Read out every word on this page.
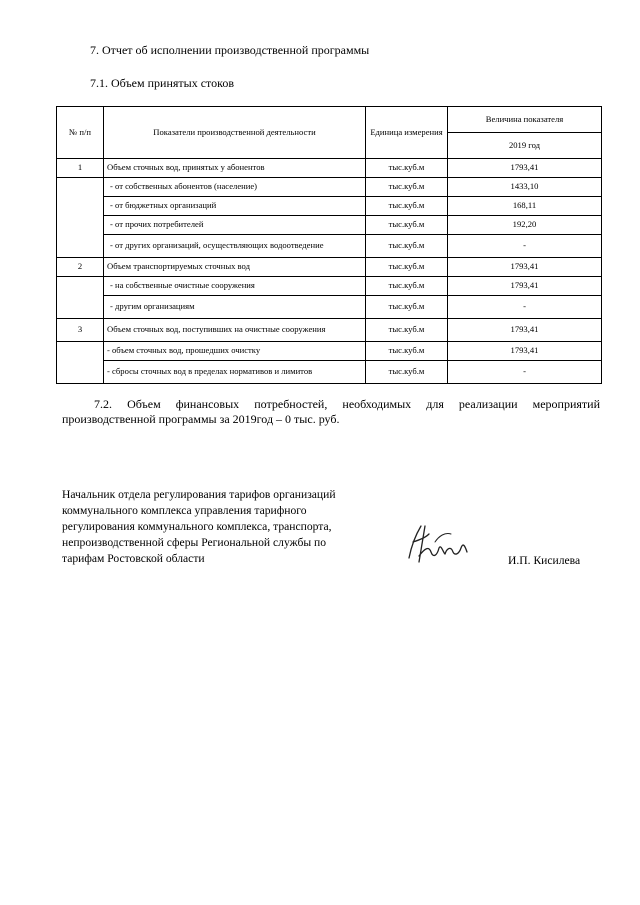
7. Отчет об исполнении производственной программы
7.1. Объем принятых стоков
№ п/п	Показатели производственной деятельности	Единица измерения	Величина показателя
			2019 год
1	Объем сточных вод, принятых у абонентов	тыс.куб.м	1793,41
	- от собственных абонентов (население)	тыс.куб.м	1433,10
	- от бюджетных организаций	тыс.куб.м	168,11
	- от прочих потребителей	тыс.куб.м	192,20
	- от других организаций, осуществляющих водоотведение	тыс.куб.м	-
2	Объем транспортируемых сточных вод	тыс.куб.м	1793,41
	- на собственные очистные сооружения	тыс.куб.м	1793,41
	- другим организациям	тыс.куб.м	-
3	Объем сточных вод, поступивших на очистные сооружения	тыс.куб.м	1793,41
	- объем сточных вод, прошедших очистку	тыс.куб.м	1793,41
	- сбросы сточных вод в пределах нормативов и лимитов	тыс.куб.м	-
7.2. Объем финансовых потребностей, необходимых для реализации мероприятий производственной программы за 2019год – 0 тыс. руб.
Начальник отдела регулирования тарифов организаций
коммунального комплекса управления тарифного
регулирования коммунального комплекса, транспорта,
непроизводственной сферы Региональной службы по
тарифам Ростовской области	И.П. Кисилева
